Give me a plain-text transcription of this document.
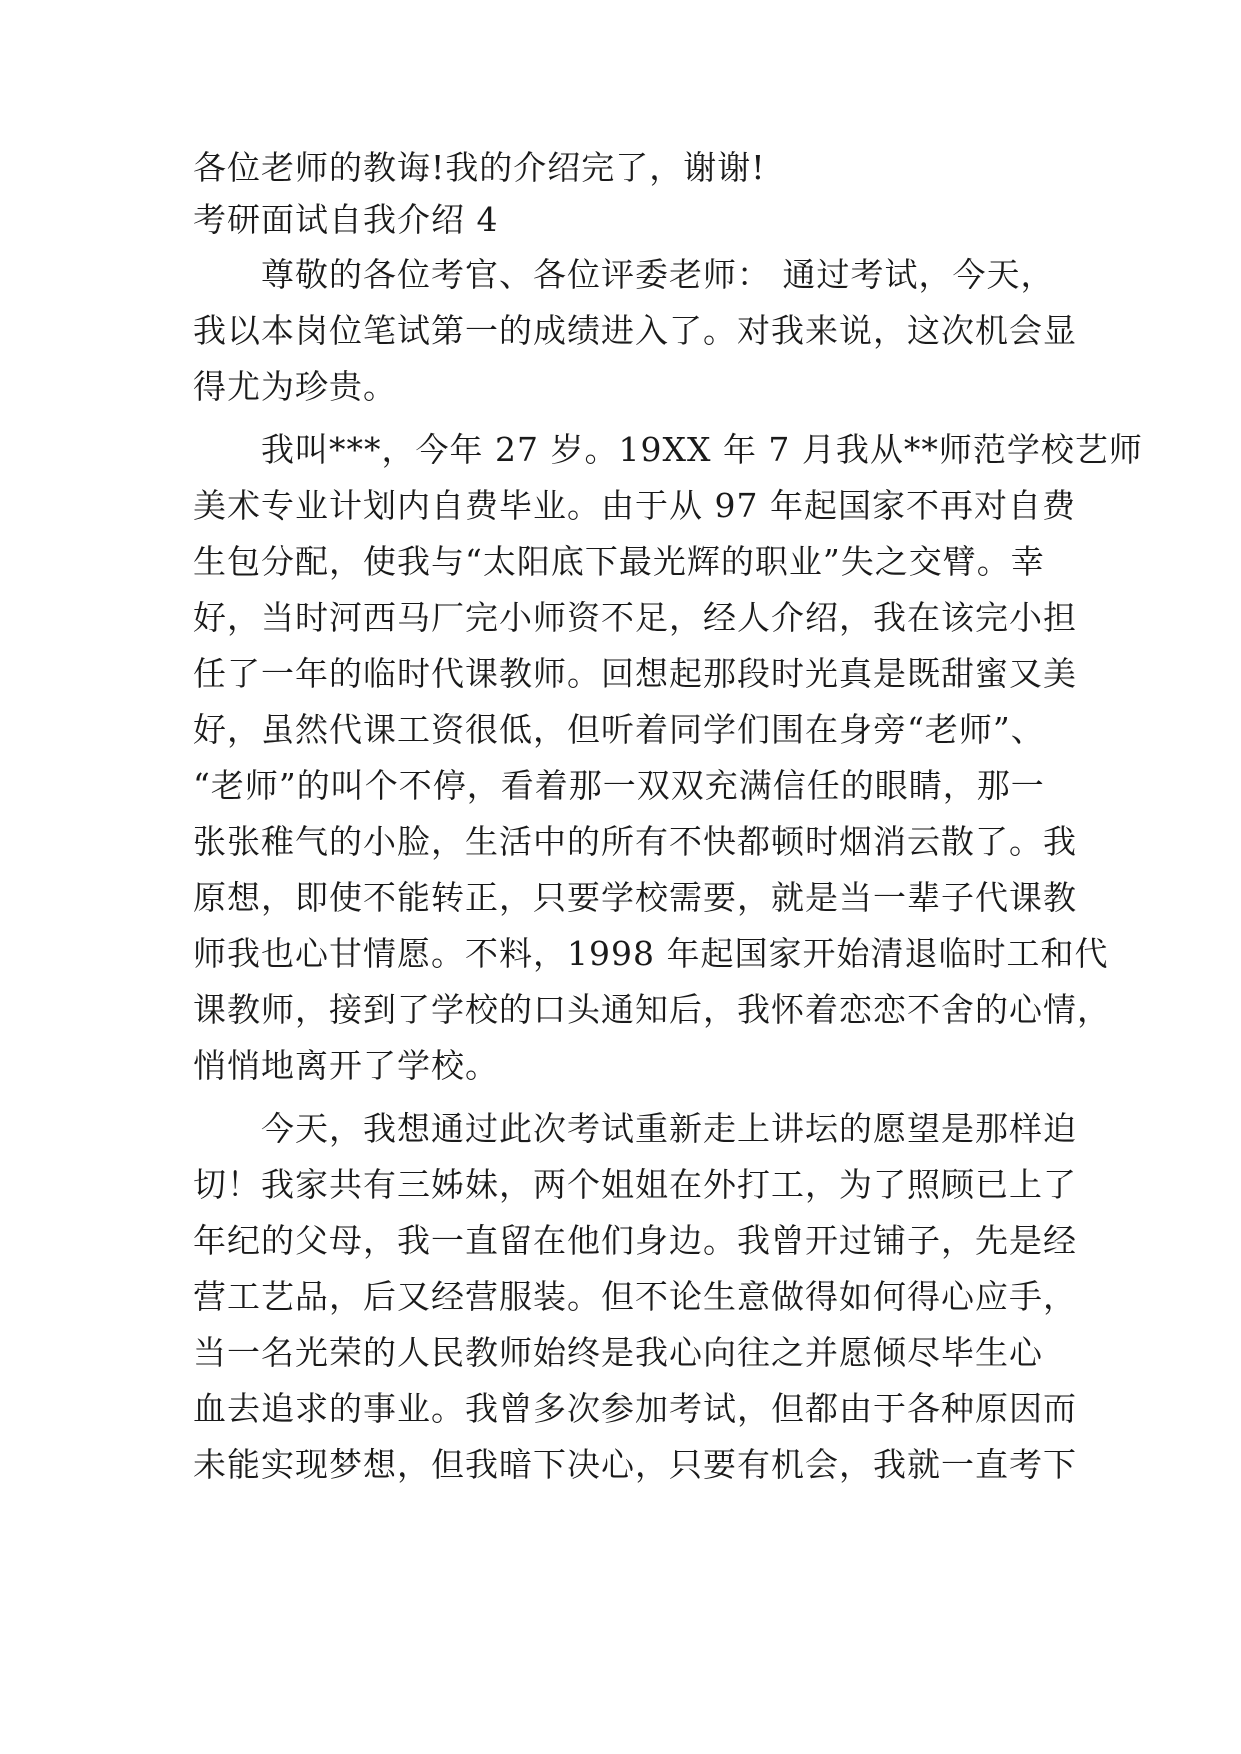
各位老师的教诲!我的介绍完了，谢谢!
考研面试自我介绍 4
　　尊敬的各位考官、各位评委老师： 通过考试，今天，
我以本岗位笔试第一的成绩进入了。对我来说，这次机会显
得尤为珍贵。
　　我叫***，今年 27 岁。19XX 年 7 月我从**师范学校艺师
美术专业计划内自费毕业。由于从 97 年起国家不再对自费
生包分配，使我与“太阳底下最光辉的职业”失之交臂。幸
好，当时河西马厂完小师资不足，经人介绍，我在该完小担
任了一年的临时代课教师。回想起那段时光真是既甜蜜又美
好，虽然代课工资很低，但听着同学们围在身旁“老师”、
“老师”的叫个不停，看着那一双双充满信任的眼睛，那一
张张稚气的小脸，生活中的所有不快都顿时烟消云散了。我
原想，即使不能转正，只要学校需要，就是当一辈子代课教
师我也心甘情愿。不料，1998 年起国家开始清退临时工和代
课教师，接到了学校的口头通知后，我怀着恋恋不舍的心情，
悄悄地离开了学校。
　　今天，我想通过此次考试重新走上讲坛的愿望是那样迫
切！我家共有三姊妹，两个姐姐在外打工，为了照顾已上了
年纪的父母，我一直留在他们身边。我曾开过铺子，先是经
营工艺品，后又经营服装。但不论生意做得如何得心应手，
当一名光荣的人民教师始终是我心向往之并愿倾尽毕生心
血去追求的事业。我曾多次参加考试，但都由于各种原因而
未能实现梦想，但我暗下决心，只要有机会，我就一直考下
